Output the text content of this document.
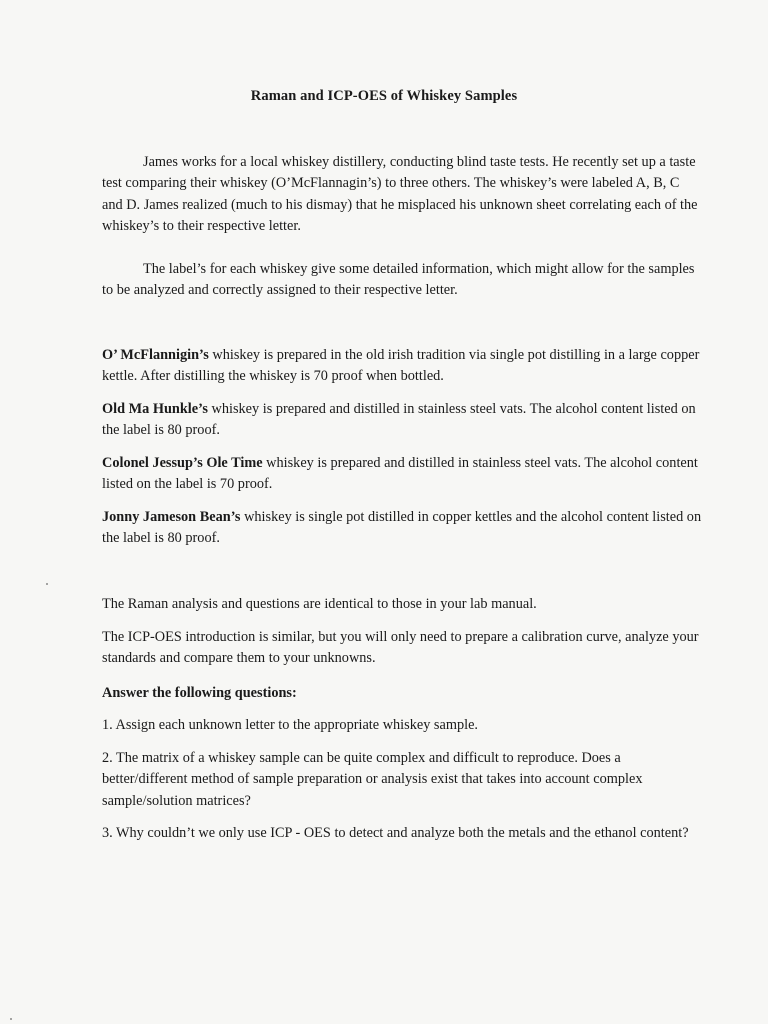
Raman and ICP-OES of Whiskey Samples

James works for a local whiskey distillery, conducting blind taste tests. He recently set up a taste test comparing their whiskey (O’McFlannagin’s) to three others. The whiskey’s were labeled A, B, C and D. James realized (much to his dismay) that he misplaced his unknown sheet correlating each of the whiskey’s to their respective letter.

The label’s for each whiskey give some detailed information, which might allow for the samples to be analyzed and correctly assigned to their respective letter.

O’ McFlannigin’s whiskey is prepared in the old irish tradition via single pot distilling in a large copper kettle. After distilling the whiskey is 70 proof when bottled.

Old Ma Hunkle’s whiskey is prepared and distilled in stainless steel vats. The alcohol content listed on the label is 80 proof.

Colonel Jessup’s Ole Time whiskey is prepared and distilled in stainless steel vats. The alcohol content listed on the label is 70 proof.

Jonny Jameson Bean’s whiskey is single pot distilled in copper kettles and the alcohol content listed on the label is 80 proof.

The Raman analysis and questions are identical to those in your lab manual.

The ICP-OES introduction is similar, but you will only need to prepare a calibration curve, analyze your standards and compare them to your unknowns.

Answer the following questions:

1. Assign each unknown letter to the appropriate whiskey sample.

2. The matrix of a whiskey sample can be quite complex and difficult to reproduce. Does a better/different method of sample preparation or analysis exist that takes into account complex sample/solution matrices?

3. Why couldn’t we only use ICP - OES to detect and analyze both the metals and the ethanol content?
